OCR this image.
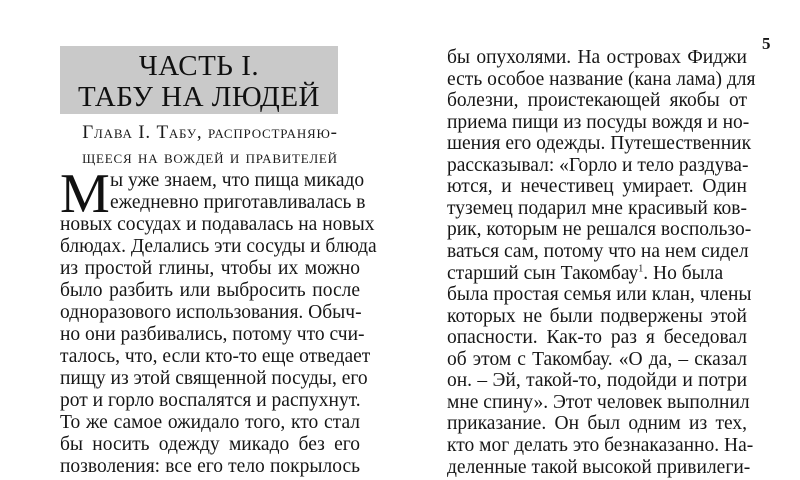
5
ЧАСТЬ I.
ТАБУ НА ЛЮДЕЙ
Глава I. Табу, распространяю-
щееся на вождей и правителей
М ы уже знаем, что пища микадо
ежедневно приготавливалась в
новых сосудах и подавалась на новых
блюдах. Делались эти сосуды и блюда
из простой глины, чтобы их можно
было разбить или выбросить после
одноразового использования. Обыч-
но они разбивались, потому что счи-
талось, что, если кто-то еще отведает
пищу из этой священной посуды, его
рот и горло воспалятся и распухнут.
То же самое ожидало того, кто стал
бы носить одежду микадо без его
позволения: все его тело покрылось
бы опухолями. На островах Фиджи
есть особое название (кана лама) для
болезни, проистекающей якобы от
приема пищи из посуды вождя и но-
шения его одежды. Путешественник
рассказывал: «Горло и тело раздува-
ются, и нечестивец умирает. Один
туземец подарил мне красивый ков-
рик, которым не решался воспользо-
ваться сам, потому что на нем сидел
старший сын Такомбау$^1$. Но была
была простая семья или клан, члены
которых не были подвержены этой
опасности. Как-то раз я беседовал
об этом с Такомбау. «О да, – сказал
он. – Эй, такой-то, подойди и потри
мне спину». Этот человек выполнил
приказание. Он был одним из тех,
кто мог делать это безнаказанно. На-
деленные такой высокой привилеги-
